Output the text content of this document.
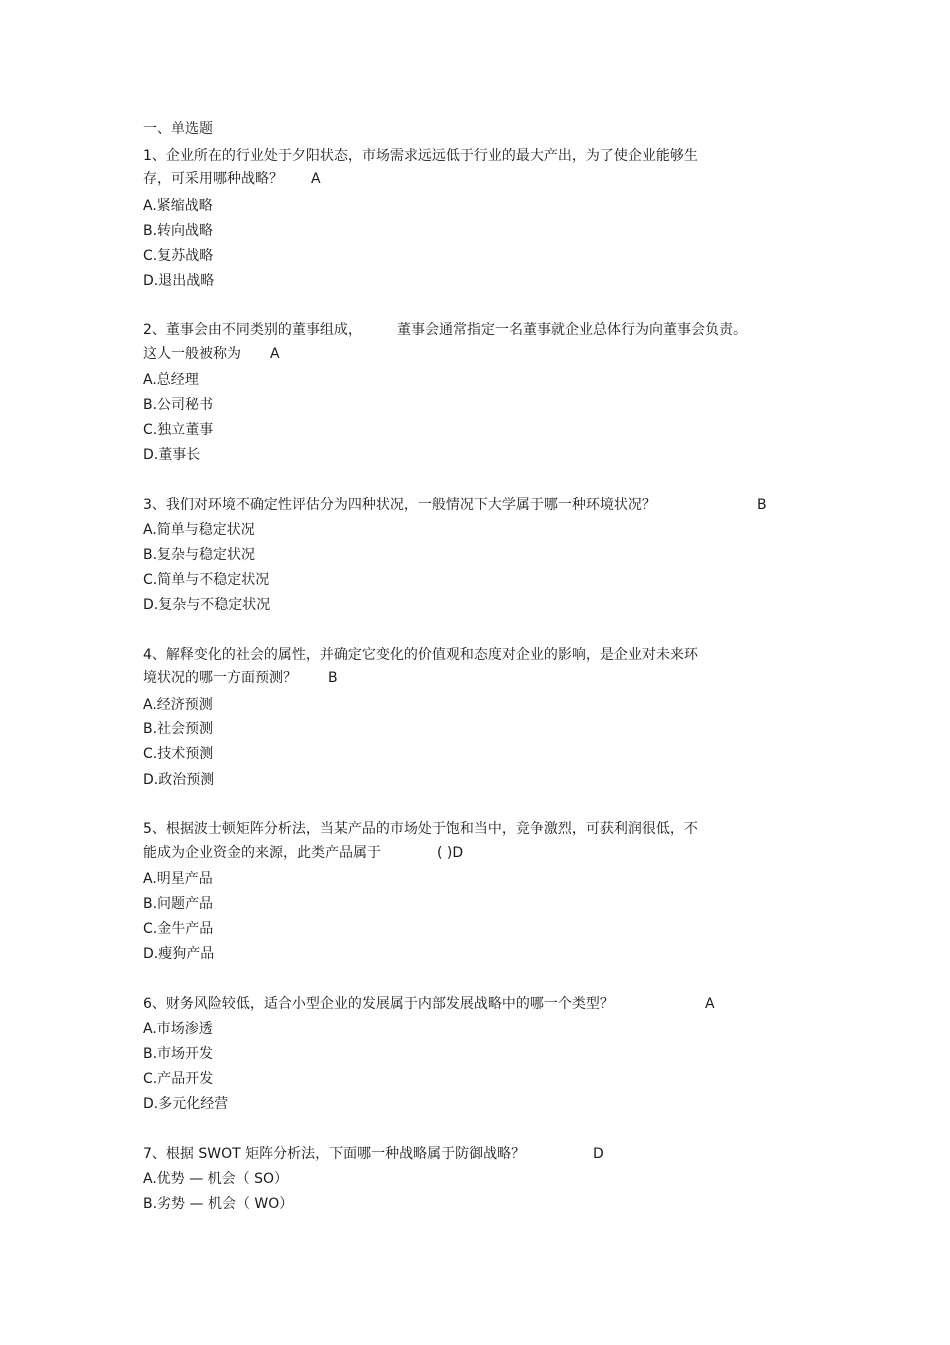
一、单选题
1、企业所在的行业处于夕阳状态，市场需求远远低于行业的最大产出，为了使企业能够生
存，可采用哪种战略？ A
A.紧缩战略
B.转向战略
C.复苏战略
D.退出战略
2、董事会由不同类别的董事组成，	董事会通常指定一名董事就企业总体行为向董事会负责。
这人一般被称为 A
A.总经理
B.公司秘书
C.独立董事
D.董事长
3、我们对环境不确定性评估分为四种状况，一般情况下大学属于哪一种环境状况？	B
A.简单与稳定状况
B.复杂与稳定状况
C.简单与不稳定状况
D.复杂与不稳定状况
4、解释变化的社会的属性，并确定它变化的价值观和态度对企业的影响，是企业对未来环
境状况的哪一方面预测？ B
A.经济预测
B.社会预测
C.技术预测
D.政治预测
5、根据波士顿矩阵分析法，当某产品的市场处于饱和当中，竞争激烈，可获利润很低，不
能成为企业资金的来源，此类产品属于	( )D
A.明星产品
B.问题产品
C.金牛产品
D.瘦狗产品
6、财务风险较低，适合小型企业的发展属于内部发展战略中的哪一个类型？	A
A.市场渗透
B.市场开发
C.产品开发
D.多元化经营
7、根据 SWOT 矩阵分析法，下面哪一种战略属于防御战略？	D
A.优势 — 机会（ SO）
B.劣势 — 机会（ WO）
